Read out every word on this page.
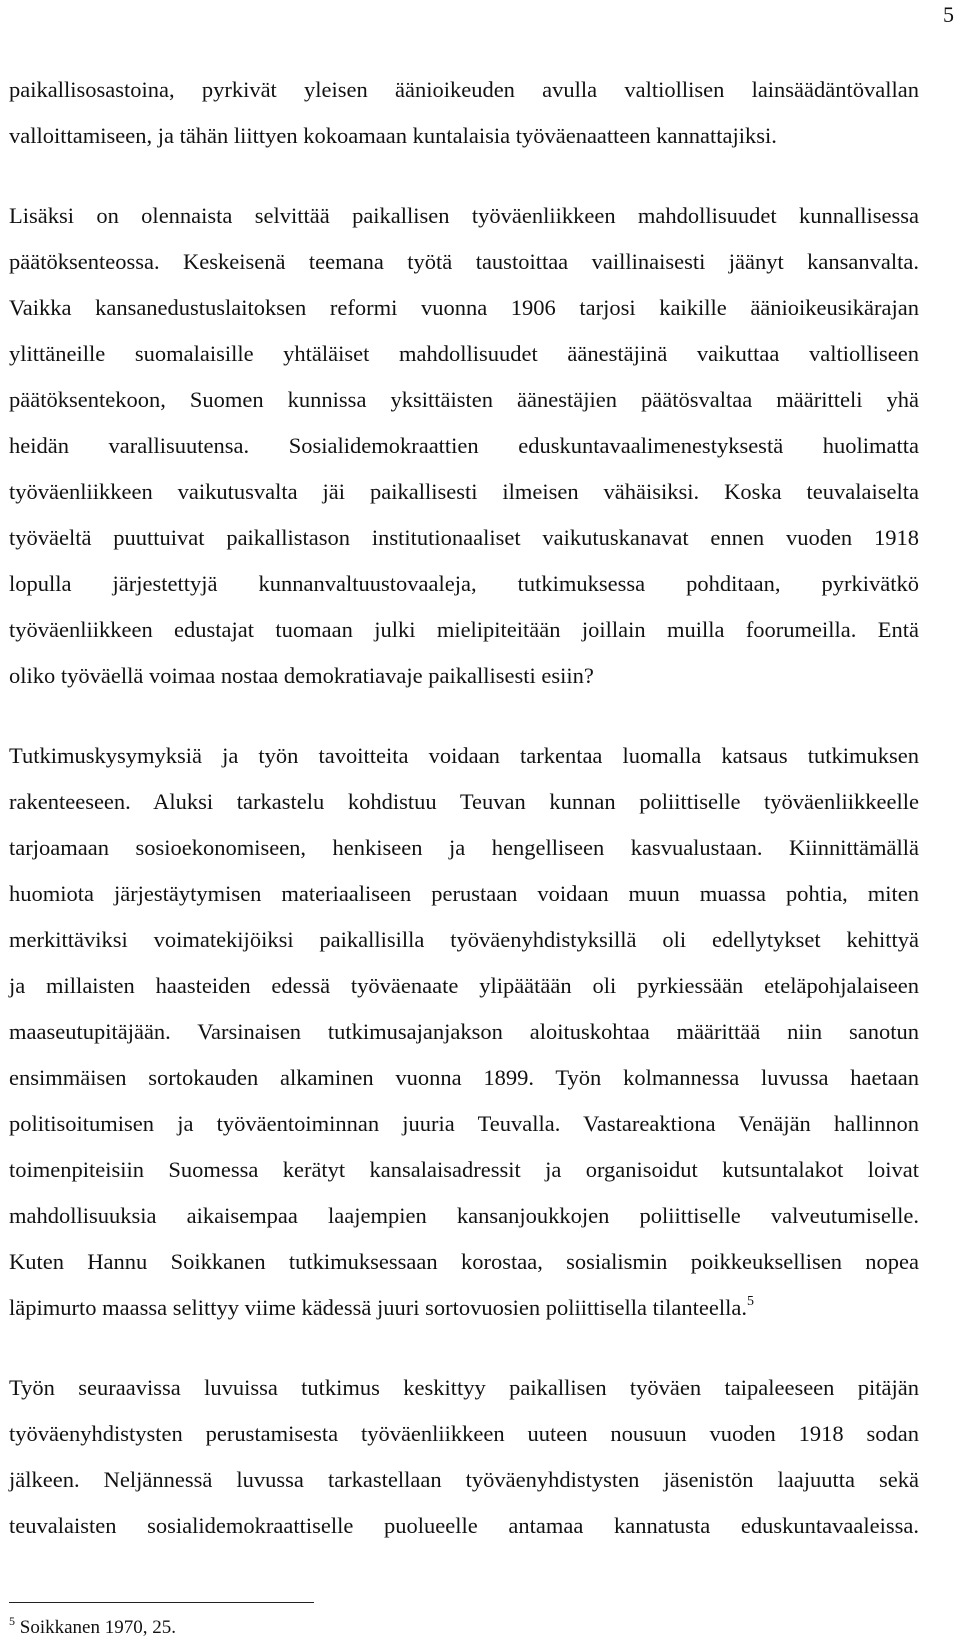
5
paikallisosastoina, pyrkivät yleisen äänioikeuden avulla valtiollisen lainsäädäntövallan
valloittamiseen, ja tähän liittyen kokoamaan kuntalaisia työväenaatteen kannattajiksi.
Lisäksi on olennaista selvittää paikallisen työväenliikkeen mahdollisuudet kunnallisessa
päätöksenteossa. Keskeisenä teemana työtä taustoittaa vaillinaisesti jäänyt kansanvalta.
Vaikka kansanedustuslaitoksen reformi vuonna 1906 tarjosi kaikille äänioikeusikärajan
ylittäneille suomalaisille yhtäläiset mahdollisuudet äänestäjinä vaikuttaa valtiolliseen
päätöksentekoon, Suomen kunnissa yksittäisten äänestäjien päätösvaltaa määritteli yhä
heidän varallisuutensa. Sosialidemokraattien eduskuntavaalimenestyksestä huolimatta
työväenliikkeen vaikutusvalta jäi paikallisesti ilmeisen vähäisiksi. Koska teuvalaiselta
työväeltä puuttuivat paikallistason institutionaaliset vaikutuskanavat ennen vuoden 1918
lopulla järjestettyjä kunnanvaltuustovaaleja, tutkimuksessa pohditaan, pyrkivätkö
työväenliikkeen edustajat tuomaan julki mielipiteitään joillain muilla foorumeilla. Entä
oliko työväellä voimaa nostaa demokratiavaje paikallisesti esiin?
Tutkimuskysymyksiä ja työn tavoitteita voidaan tarkentaa luomalla katsaus tutkimuksen
rakenteeseen. Aluksi tarkastelu kohdistuu Teuvan kunnan poliittiselle työväenliikkeelle
tarjoamaan sosioekonomiseen, henkiseen ja hengelliseen kasvualustaan. Kiinnittämällä
huomiota järjestäytymisen materiaaliseen perustaan voidaan muun muassa pohtia, miten
merkittäviksi voimatekijöiksi paikallisilla työväenyhdistyksillä oli edellytykset kehittyä
ja millaisten haasteiden edessä työväenaate ylipäätään oli pyrkiessään eteläpohjalaiseen
maaseutupitäjään. Varsinaisen tutkimusajanjakson aloituskohtaa määrittää niin sanotun
ensimmäisen sortokauden alkaminen vuonna 1899. Työn kolmannessa luvussa haetaan
politisoitumisen ja työväentoiminnan juuria Teuvalla. Vastareaktiona Venäjän hallinnon
toimenpiteisiin Suomessa kerätyt kansalaisadressit ja organisoidut kutsuntalakot loivat
mahdollisuuksia aikaisempaa laajempien kansanjoukkojen poliittiselle valveutumiselle.
Kuten Hannu Soikkanen tutkimuksessaan korostaa, sosialismin poikkeuksellisen nopea
läpimurto maassa selittyy viime kädessä juuri sortovuosien poliittisella tilanteella.$^5$
Työn seuraavissa luvuissa tutkimus keskittyy paikallisen työväen taipaleeseen pitäjän
työväenyhdistysten perustamisesta työväenliikkeen uuteen nousuun vuoden 1918 sodan
jälkeen. Neljännessä luvussa tarkastellaan työväenyhdistysten jäsenistön laajuutta sekä
teuvalaisten sosialidemokraattiselle puolueelle antamaa kannatusta eduskuntavaaleissa.
$^5$ Soikkanen 1970, 25.
